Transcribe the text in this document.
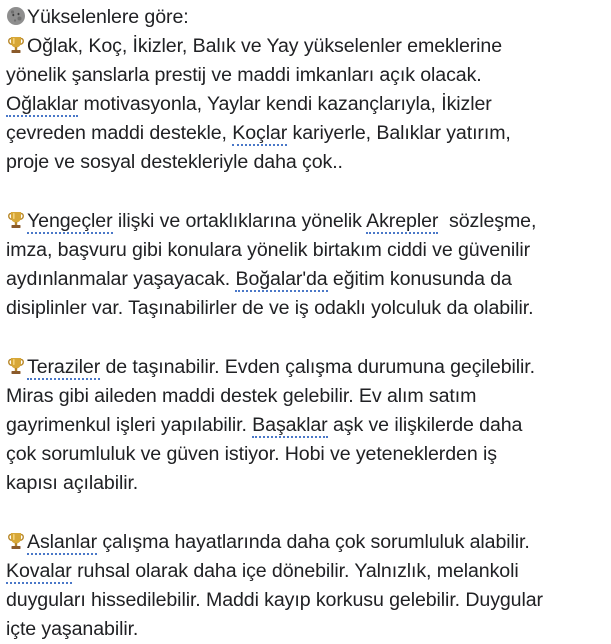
Yükselenlere göre:
Oğlak, Koç, İkizler, Balık ve Yay yükselenler emeklerine
yönelik şanslarla prestij ve maddi imkanları açık olacak.
Oğlaklar motivasyonla, Yaylar kendi kazançlarıyla, İkizler
çevreden maddi destekle, Koçlar kariyerle, Balıklar yatırım,
proje ve sosyal destekleriyle daha çok..
Yengeçler ilişki ve ortaklıklarına yönelik Akrepler  sözleşme,
imza, başvuru gibi konulara yönelik birtakım ciddi ve güvenilir
aydınlanmalar yaşayacak. Boğalar'da eğitim konusunda da
disiplinler var. Taşınabilirler de ve iş odaklı yolculuk da olabilir.
Teraziler de taşınabilir. Evden çalışma durumuna geçilebilir.
Miras gibi aileden maddi destek gelebilir. Ev alım satım
gayrimenkul işleri yapılabilir. Başaklar aşk ve ilişkilerde daha
çok sorumluluk ve güven istiyor. Hobi ve yeteneklerden iş
kapısı açılabilir.
Aslanlar çalışma hayatlarında daha çok sorumluluk alabilir.
Kovalar ruhsal olarak daha içe dönebilir. Yalnızlık, melankoli
duyguları hissedilebilir. Maddi kayıp korkusu gelebilir. Duygular
içte yaşanabilir.
